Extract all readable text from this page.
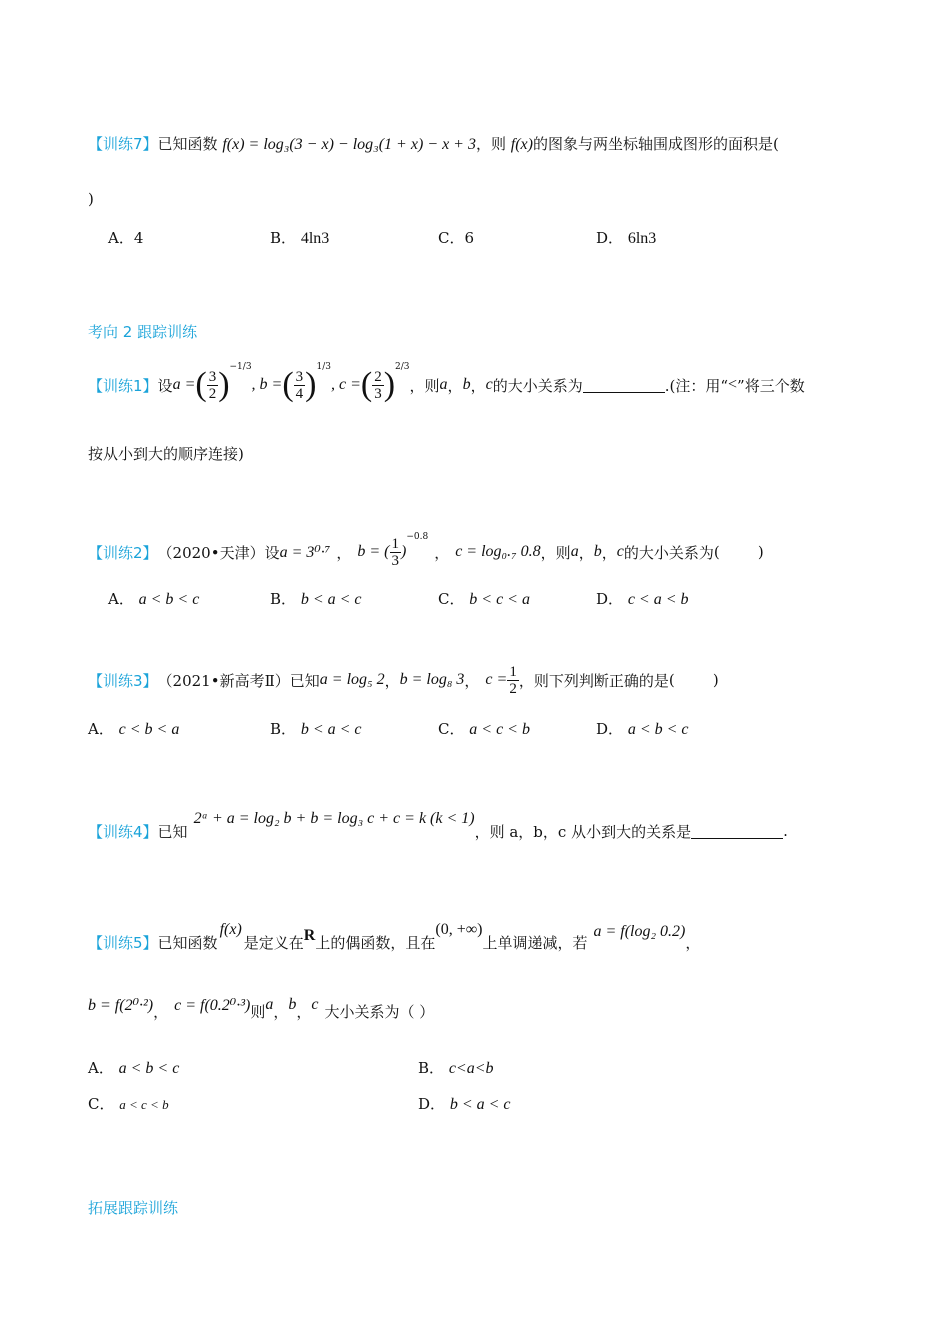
【训练7】已知函数 f(x) = log₃(3 − x) − log₃(1 + x) − x + 3，则 f(x)的图象与两坐标轴围成图形的面积是(
)
A．4	B． 4ln3	C．6	D． 6ln3
考向 2 跟踪训练
【训练1】 设 a = ( $\frac{3}{2} )^{-1/3}$
, b = ( $\frac{3}{4} )^{1/3}$
, c = ( $\frac{2}{3} )^{2/3}$
，则 a ， b ， c 的大小关系为	.(注：用“ < ”将三个数
按从小到大的顺序连接)
【训练2】 （2020•天津）设 a = 3⁰·⁷ ， b = ( $\frac{1}{3}$ )
−0.8
， c = log₀.₇ 0.8 ，则 a ， b ， c 的大小关系为 (        )
A． a < b < c	B． b < a < c	C． b < c < a	D． c < a < b
【训练3】 （2021•新高考Ⅱ）已知 a = log₅ 2 ， b = log₈ 3 ， $c = \frac{1}{2}$ ，则下列判断正确的是 (        )
A． c < b < a	B． b < a < c	C． a < c < b	D． a < b < c
【训练4】 已知
2ᵃ + a = log₂ b + b = log₃ c + c = k (k < 1)
，则 a，b，c 从小到大的关系是	.
【训练5】 已知函数
f(x)
是定义在 R 上的偶函数，且在
(0, +∞)
上单调递减，若
a = f(log₂ 0.2)
，
b = f(2⁰·²) ， c = f(0.2⁰·³) 则 a ， b ， c 大小关系为（ ）
A． a < b < c	B． c<a<b
C． a < c < b	D． b < a < c
拓展跟踪训练
